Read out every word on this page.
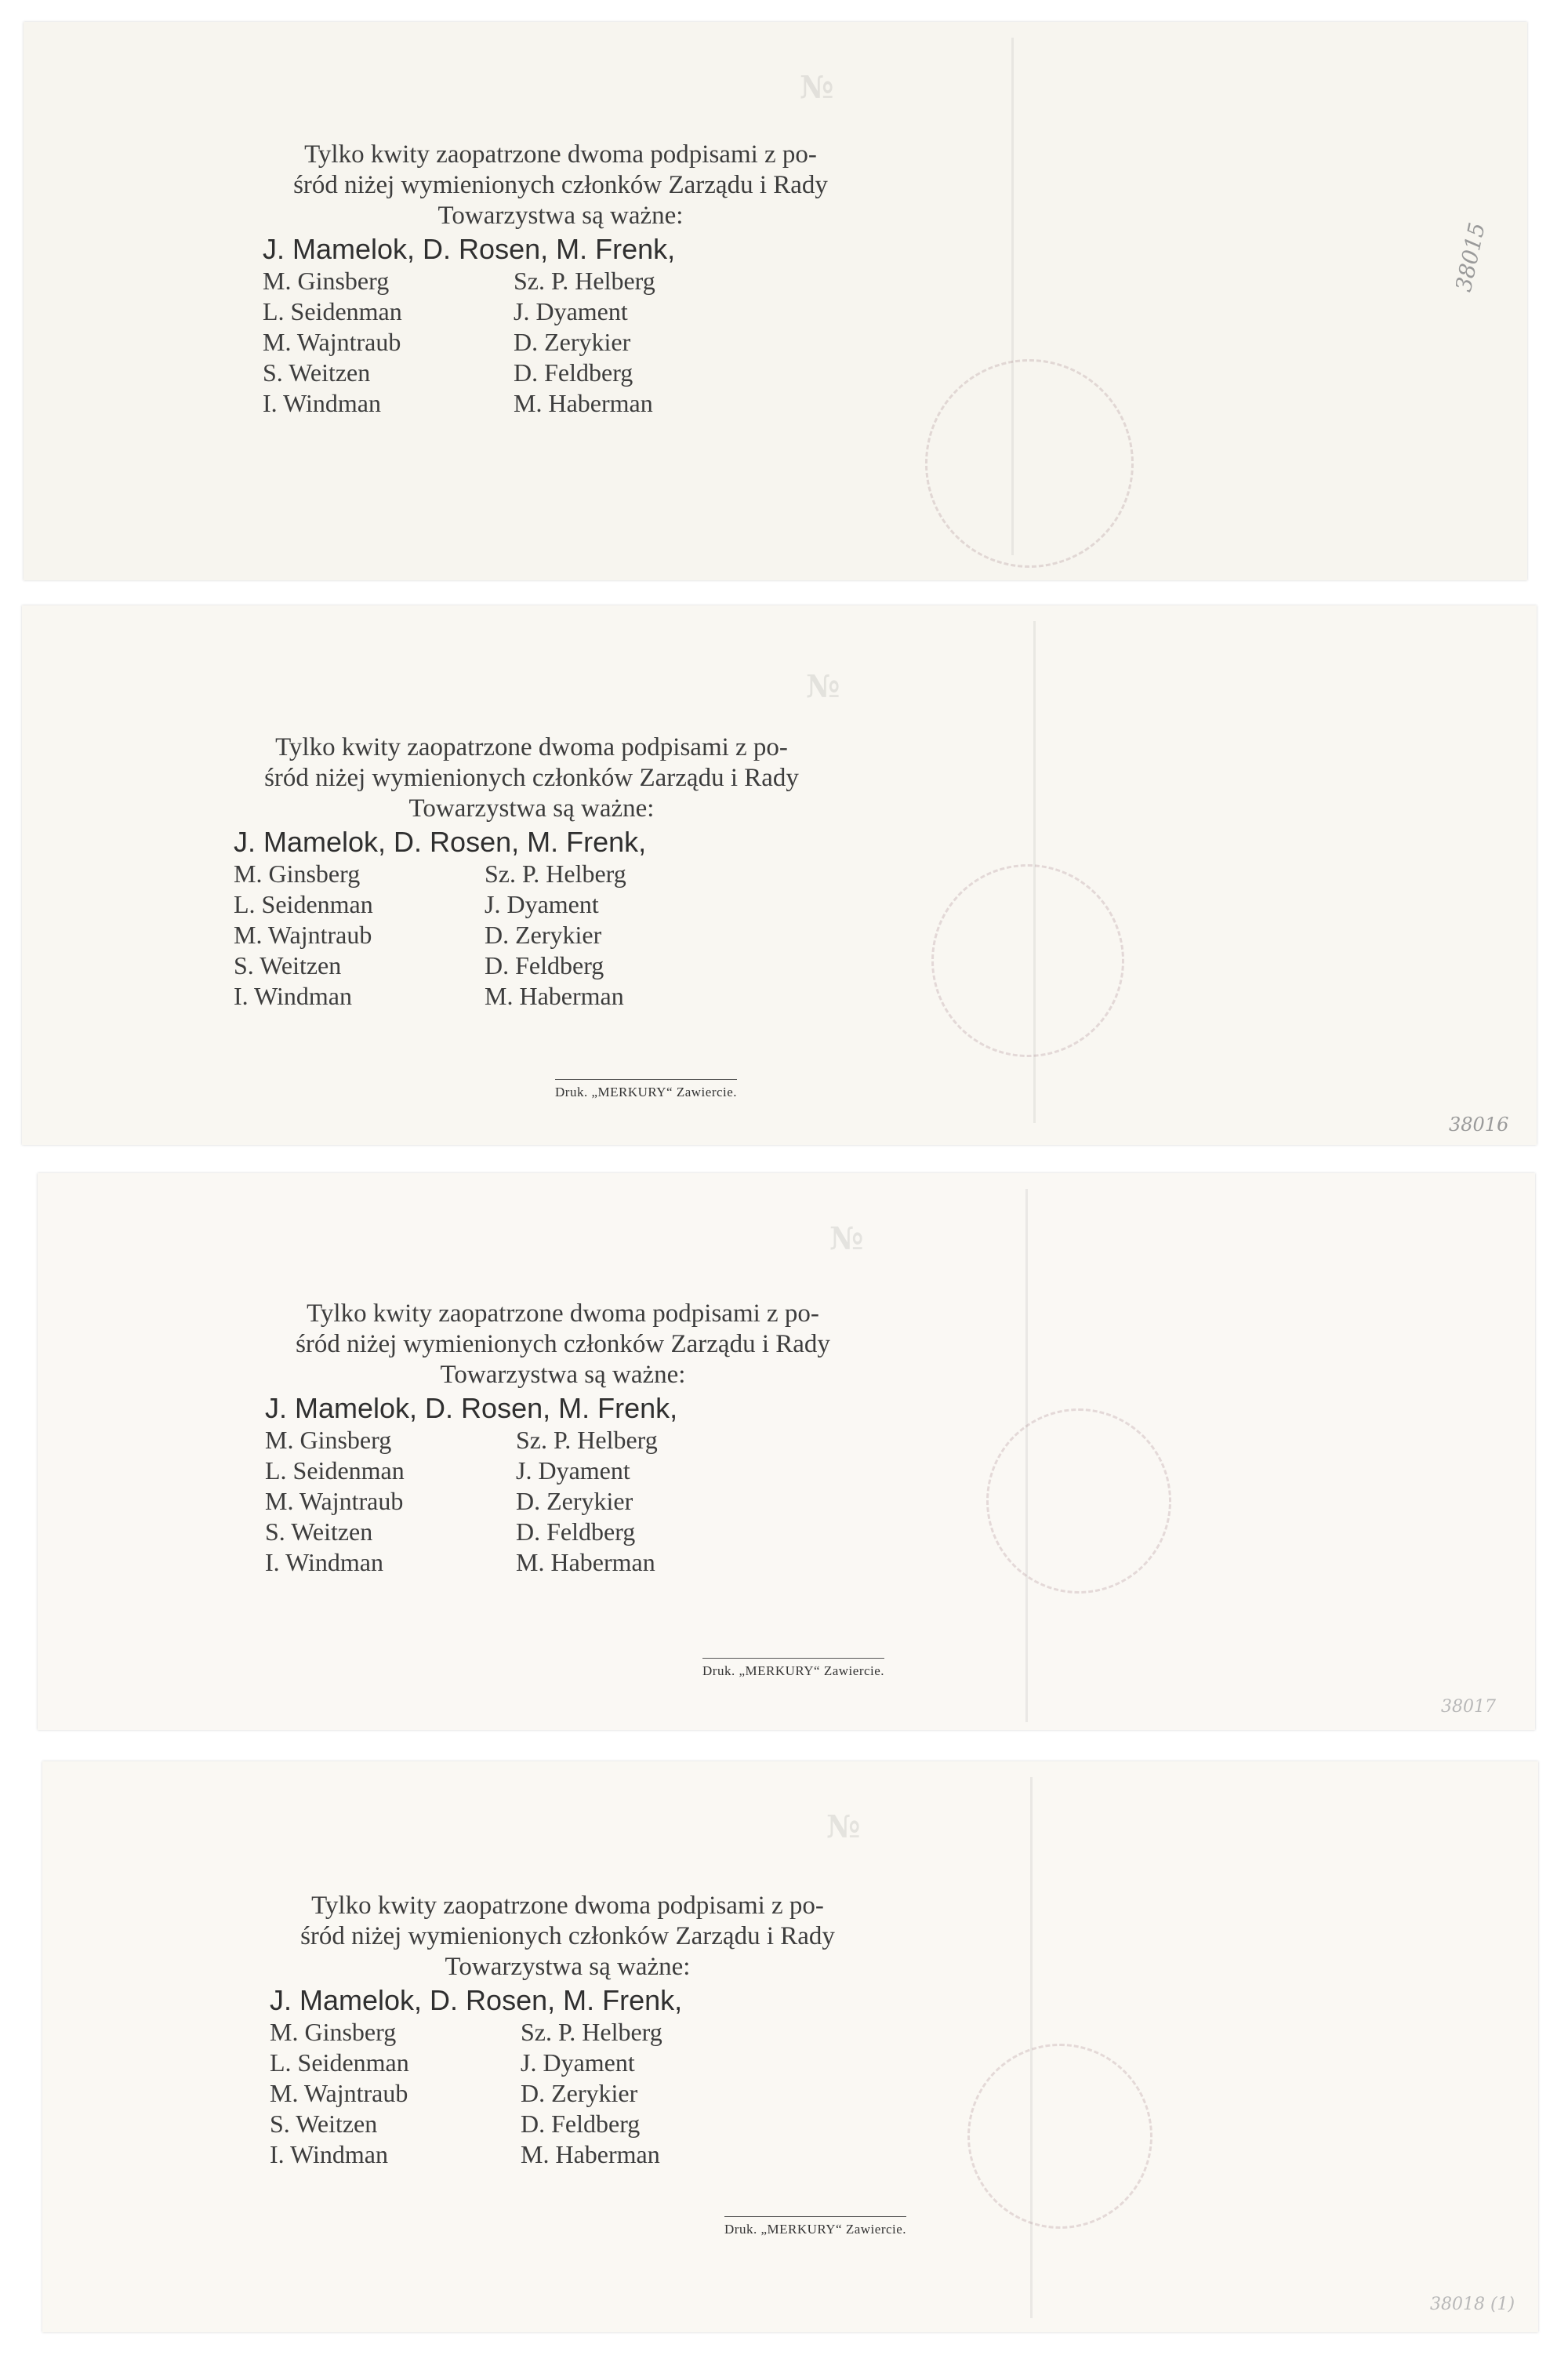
№
Tylko kwity zaopatrzone dwoma podpisami z po-
śród niżej wymienionych członków Zarządu i Rady
Towarzystwa są ważne:
J. Mamelok, D. Rosen, M. Frenk,
M. Ginsberg	Sz. P. Helberg
L. Seidenman	J. Dyament
M. Wajntraub	D. Zerykier
S. Weitzen	D. Feldberg
I. Windman	M. Haberman
38015
№
Tylko kwity zaopatrzone dwoma podpisami z po-
śród niżej wymienionych członków Zarządu i Rady
Towarzystwa są ważne:
J. Mamelok, D. Rosen, M. Frenk,
M. Ginsberg	Sz. P. Helberg
L. Seidenman	J. Dyament
M. Wajntraub	D. Zerykier
S. Weitzen	D. Feldberg
I. Windman	M. Haberman
Druk. „MERKURY“ Zawiercie.
38016
№
Tylko kwity zaopatrzone dwoma podpisami z po-
śród niżej wymienionych członków Zarządu i Rady
Towarzystwa są ważne:
J. Mamelok, D. Rosen, M. Frenk,
M. Ginsberg	Sz. P. Helberg
L. Seidenman	J. Dyament
M. Wajntraub	D. Zerykier
S. Weitzen	D. Feldberg
I. Windman	M. Haberman
Druk. „MERKURY“ Zawiercie.
38017
№
Tylko kwity zaopatrzone dwoma podpisami z po-
śród niżej wymienionych członków Zarządu i Rady
Towarzystwa są ważne:
J. Mamelok, D. Rosen, M. Frenk,
M. Ginsberg	Sz. P. Helberg
L. Seidenman	J. Dyament
M. Wajntraub	D. Zerykier
S. Weitzen	D. Feldberg
I. Windman	M. Haberman
Druk. „MERKURY“ Zawiercie.
38018 (1)
